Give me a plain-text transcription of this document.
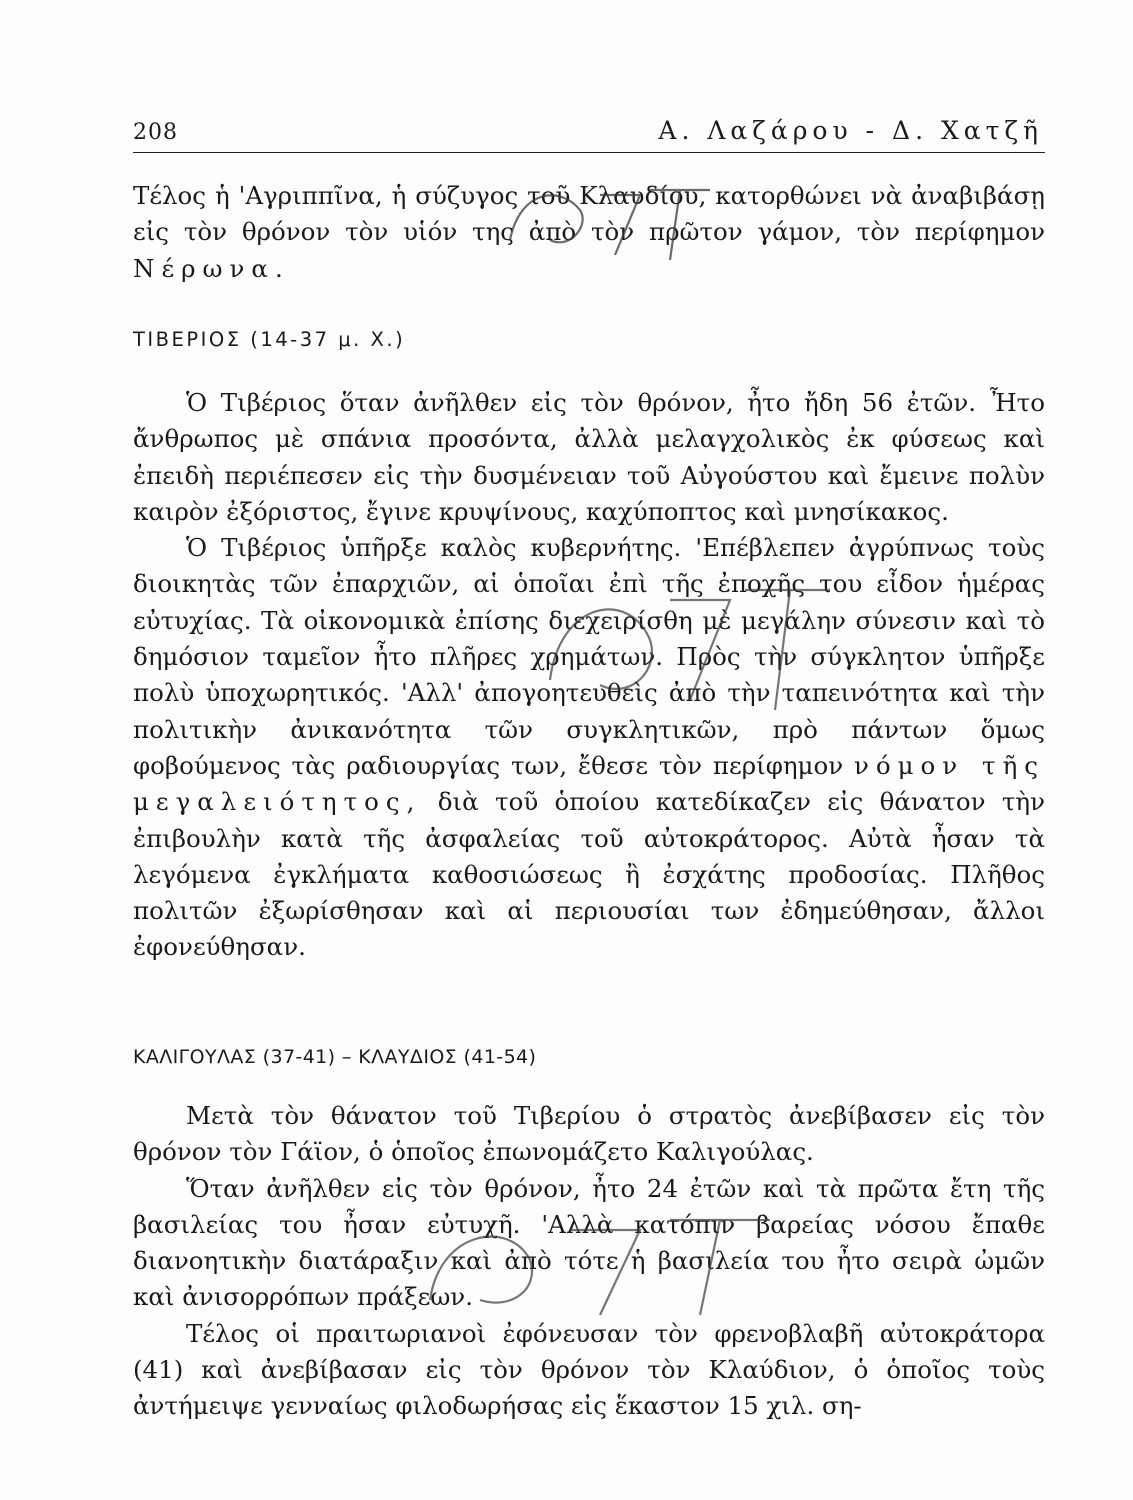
208	Α. Λαζάρου - Δ. Χατζῆ

Τέλος ἡ 'Αγριππῖνα, ἡ σύζυγος τοῦ Κλαυδίου, κατορθώνει νὰ ἀναβιβάσῃ εἰς τὸν θρόνον τὸν υἱόν της ἀπὸ τὸν πρῶτον γάμον, τὸν περίφημον Νέρωνα.

ΤΙΒΕΡΙΟΣ (14-37 μ. Χ.)

Ὁ Τιβέριος ὅταν ἀνῆλθεν εἰς τὸν θρόνον, ἦτο ἤδη 56 ἐτῶν. Ἦτο ἄνθρωπος μὲ σπάνια προσόντα, ἀλλὰ μελαγχολικὸς ἐκ φύσεως καὶ ἐπειδὴ περιέπεσεν εἰς τὴν δυσμένειαν τοῦ Αὐγούστου καὶ ἔμεινε πολὺν καιρὸν ἐξόριστος, ἔγινε κρυψίνους, καχύποπτος καὶ μνησίκακος.

Ὁ Τιβέριος ὑπῆρξε καλὸς κυβερνήτης. 'Επέβλεπεν ἀγρύπνως τοὺς διοικητὰς τῶν ἐπαρχιῶν, αἱ ὁποῖαι ἐπὶ τῆς ἐποχῆς του εἶδον ἡμέρας εὐτυχίας. Τὰ οἰκονομικὰ ἐπίσης διεχειρίσθη μὲ μεγάλην σύνεσιν καὶ τὸ δημόσιον ταμεῖον ἦτο πλῆρες χρημάτων. Πρὸς τὴν σύγκλητον ὑπῆρξε πολὺ ὑποχωρητικός. 'Αλλ' ἀπογοητευθεὶς ἀπὸ τὴν ταπεινότητα καὶ τὴν πολιτικὴν ἀνικανότητα τῶν συγκλητικῶν, πρὸ πάντων ὅμως φοβούμενος τὰς ραδιουργίας των, ἔθεσε τὸν περίφημον νόμον τῆς μεγαλειότητος, διὰ τοῦ ὁποίου κατεδίκαζεν εἰς θάνατον τὴν ἐπιβουλὴν κατὰ τῆς ἀσφαλείας τοῦ αὐτοκράτορος. Αὐτὰ ἦσαν τὰ λεγόμενα ἐγκλήματα καθοσιώσεως ἢ ἐσχάτης προδοσίας. Πλῆθος πολιτῶν ἐξωρίσθησαν καὶ αἱ περιουσίαι των ἐδημεύθησαν, ἄλλοι ἐφονεύθησαν.

ΚΑΛΙΓΟΥΛΑΣ (37-41) – ΚΛΑΥΔΙΟΣ (41-54)

Μετὰ τὸν θάνατον τοῦ Τιβερίου ὁ στρατὸς ἀνεβίβασεν εἰς τὸν θρόνον τὸν Γάϊον, ὁ ὁποῖος ἐπωνομάζετο Καλιγούλας.

Ὅταν ἀνῆλθεν εἰς τὸν θρόνον, ἦτο 24 ἐτῶν καὶ τὰ πρῶτα ἔτη τῆς βασιλείας του ἦσαν εὐτυχῆ. 'Αλλὰ κατόπιν βαρείας νόσου ἔπαθε διανοητικὴν διατάραξιν καὶ ἀπὸ τότε ἡ βασιλεία του ἦτο σειρὰ ὠμῶν καὶ ἀνισορρόπων πράξεων.

Τέλος οἱ πραιτωριανοὶ ἐφόνευσαν τὸν φρενοβλαβῆ αὐτοκράτορα (41) καὶ ἀνεβίβασαν εἰς τὸν θρόνον τὸν Κλαύδιον, ὁ ὁποῖος τοὺς ἀντήμειψε γενναίως φιλοδωρήσας εἰς ἕκαστον 15 χιλ. ση-
